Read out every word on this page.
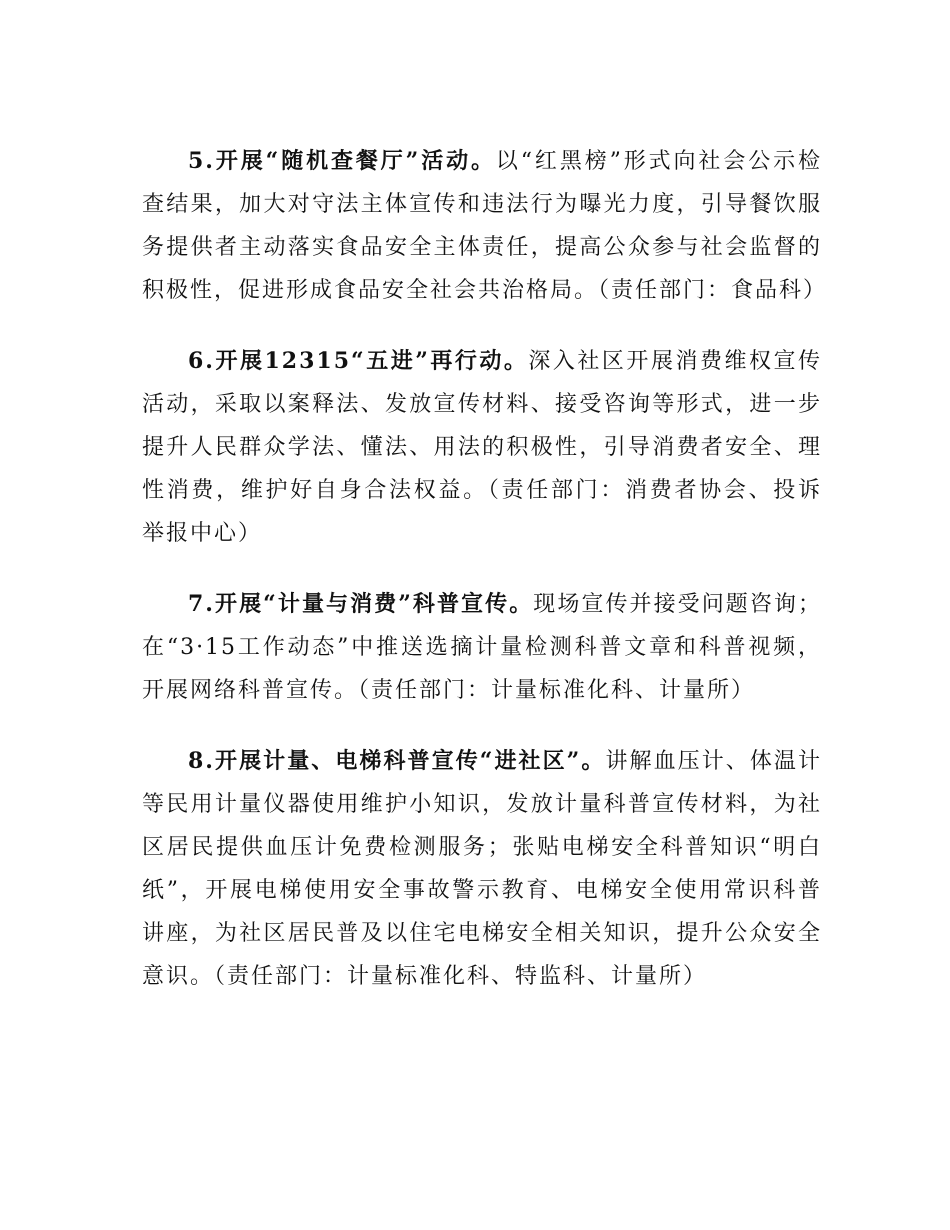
5.开展“随机查餐厅”活动。以“红黑榜”形式向社会公示检查结果，加大对守法主体宣传和违法行为曝光力度，引导餐饮服务提供者主动落实食品安全主体责任，提高公众参与社会监督的积极性，促进形成食品安全社会共治格局。（责任部门：食品科）

6.开展12315“五进”再行动。深入社区开展消费维权宣传活动，采取以案释法、发放宣传材料、接受咨询等形式，进一步提升人民群众学法、懂法、用法的积极性，引导消费者安全、理性消费，维护好自身合法权益。（责任部门：消费者协会、投诉举报中心）

7.开展“计量与消费”科普宣传。现场宣传并接受问题咨询；在“3·15工作动态”中推送选摘计量检测科普文章和科普视频，开展网络科普宣传。（责任部门：计量标准化科、计量所）

8.开展计量、电梯科普宣传“进社区”。讲解血压计、体温计等民用计量仪器使用维护小知识，发放计量科普宣传材料，为社区居民提供血压计免费检测服务；张贴电梯安全科普知识“明白纸”，开展电梯使用安全事故警示教育、电梯安全使用常识科普讲座，为社区居民普及以住宅电梯安全相关知识，提升公众安全意识。（责任部门：计量标准化科、特监科、计量所）
